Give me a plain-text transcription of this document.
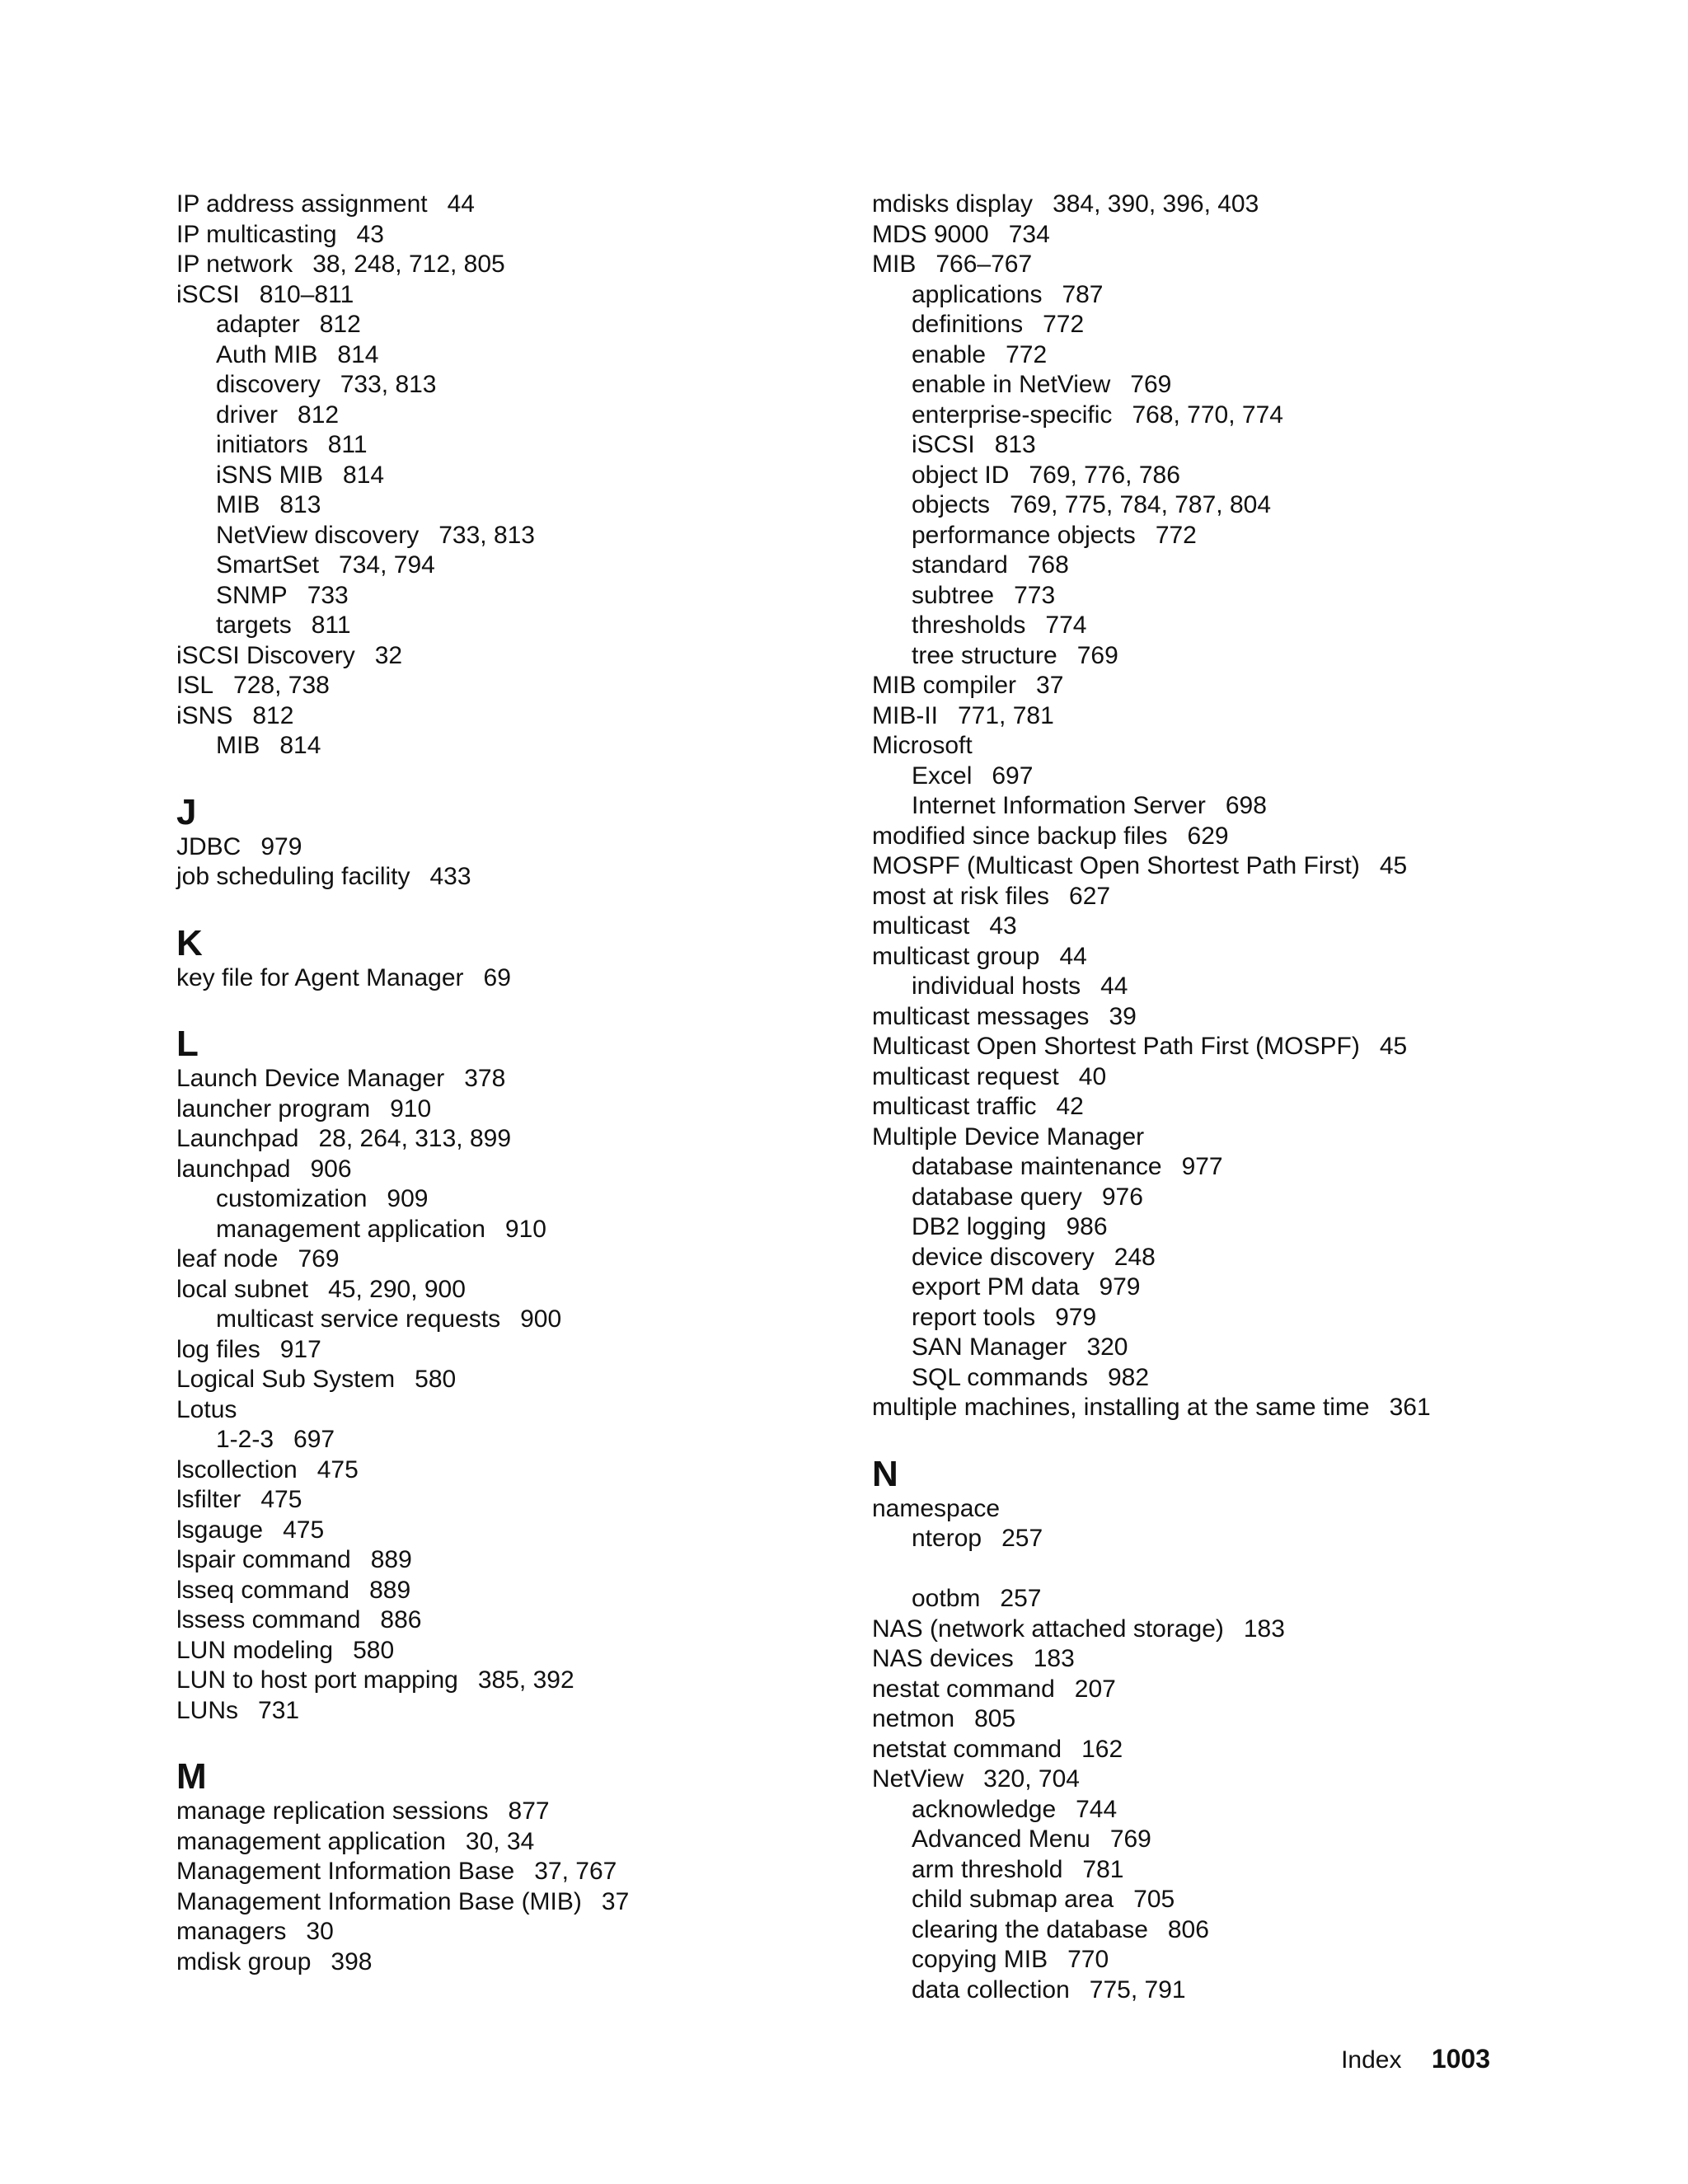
IP address assignment 44
IP multicasting 43
IP network 38, 248, 712, 805
iSCSI 810–811
adapter 812
Auth MIB 814
discovery 733, 813
driver 812
initiators 811
iSNS MIB 814
MIB 813
NetView discovery 733, 813
SmartSet 734, 794
SNMP 733
targets 811
iSCSI Discovery 32
ISL 728, 738
iSNS 812
MIB 814
J
JDBC 979
job scheduling facility 433
K
key file for Agent Manager 69
L
Launch Device Manager 378
launcher program 910
Launchpad 28, 264, 313, 899
launchpad 906
customization 909
management application 910
leaf node 769
local subnet 45, 290, 900
multicast service requests 900
log files 917
Logical Sub System 580
Lotus
1-2-3 697
lscollection 475
lsfilter 475
lsgauge 475
lspair command 889
lsseq command 889
lssess command 886
LUN modeling 580
LUN to host port mapping 385, 392
LUNs 731
M
manage replication sessions 877
management application 30, 34
Management Information Base 37, 767
Management Information Base (MIB) 37
managers 30
mdisk group 398
mdisks display 384, 390, 396, 403
MDS 9000 734
MIB 766–767
applications 787
definitions 772
enable 772
enable in NetView 769
enterprise-specific 768, 770, 774
iSCSI 813
object ID 769, 776, 786
objects 769, 775, 784, 787, 804
performance objects 772
standard 768
subtree 773
thresholds 774
tree structure 769
MIB compiler 37
MIB-II 771, 781
Microsoft
Excel 697
Internet Information Server 698
modified since backup files 629
MOSPF (Multicast Open Shortest Path First) 45
most at risk files 627
multicast 43
multicast group 44
individual hosts 44
multicast messages 39
Multicast Open Shortest Path First (MOSPF) 45
multicast request 40
multicast traffic 42
Multiple Device Manager
database maintenance 977
database query 976
DB2 logging 986
device discovery 248
export PM data 979
report tools 979
SAN Manager 320
SQL commands 982
multiple machines, installing at the same time 361
N
namespace
nterop 257
ootbm 257
NAS (network attached storage) 183
NAS devices 183
nestat command 207
netmon 805
netstat command 162
NetView 320, 704
acknowledge 744
Advanced Menu 769
arm threshold 781
child submap area 705
clearing the database 806
copying MIB 770
data collection 775, 791
Index 1003
